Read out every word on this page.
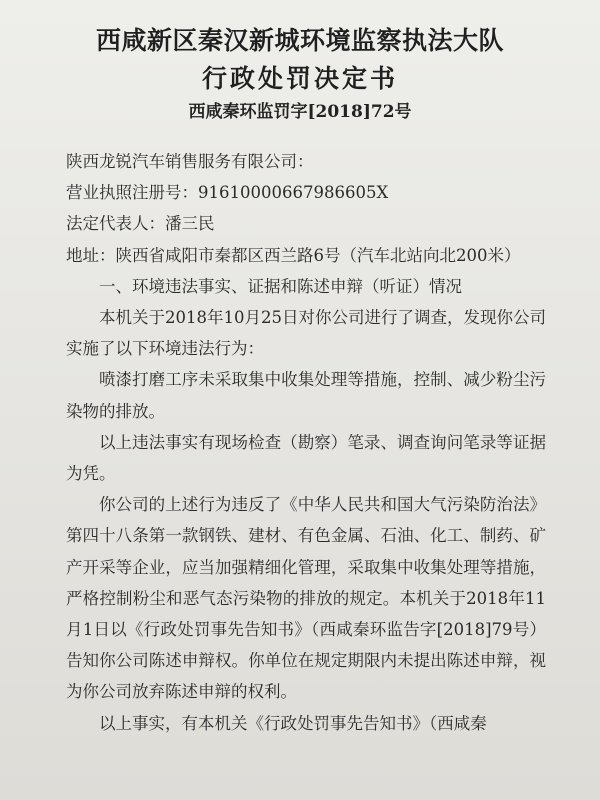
西咸新区秦汉新城环境监察执法大队
行政处罚决定书
西咸秦环监罚字[2018]72号

陕西龙锐汽车销售服务有限公司：

营业执照注册号：91610000667986605X

法定代表人：潘三民

地址：陕西省咸阳市秦都区西兰路6号（汽车北站向北200米）

一、环境违法事实、证据和陈述申辩（听证）情况

本机关于2018年10月25日对你公司进行了调查，发现你公司实施了以下环境违法行为：

喷漆打磨工序未采取集中收集处理等措施，控制、减少粉尘污染物的排放。

以上违法事实有现场检查（勘察）笔录、调查询问笔录等证据为凭。

你公司的上述行为违反了《中华人民共和国大气污染防治法》第四十八条第一款钢铁、建材、有色金属、石油、化工、制药、矿产开采等企业，应当加强精细化管理，采取集中收集处理等措施，严格控制粉尘和恶气态污染物的排放的规定。本机关于2018年11月1日以《行政处罚事先告知书》（西咸秦环监告字[2018]79号）告知你公司陈述申辩权。你单位在规定期限内未提出陈述申辩，视为你公司放弃陈述申辩的权利。

以上事实，有本机关《行政处罚事先告知书》（西咸秦
